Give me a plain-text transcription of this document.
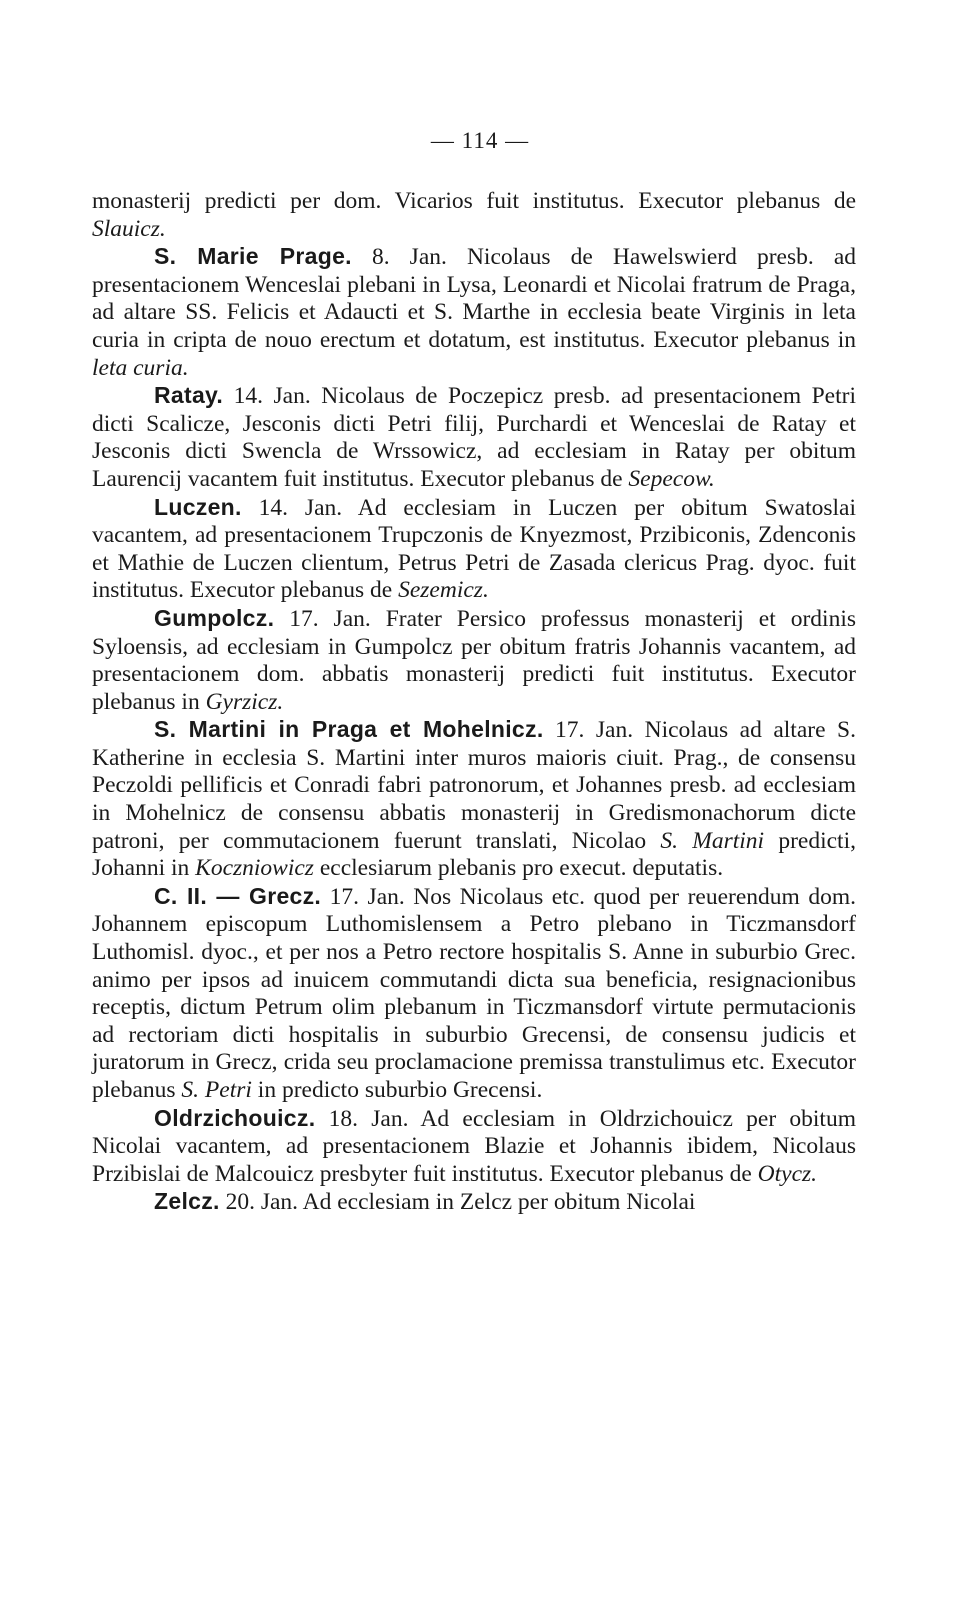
— 114 —

monasterij predicti per dom. Vicarios fuit institutus. Executor plebanus de Slauicz.

S. Marie Prage. 8. Jan. Nicolaus de Hawelswierd presb. ad presentacionem Wenceslai plebani in Lysa, Leonardi et Nicolai fratrum de Praga, ad altare SS. Felicis et Adaucti et S. Marthe in ecclesia beate Virginis in leta curia in cripta de nouo erectum et dotatum, est institutus. Executor plebanus in leta curia.

Ratay. 14. Jan. Nicolaus de Poczepicz presb. ad presentacionem Petri dicti Scalicze, Jesconis dicti Petri filij, Purchardi et Wenceslai de Ratay et Jesconis dicti Swencla de Wrssowicz, ad ecclesiam in Ratay per obitum Laurencij vacantem fuit institutus. Executor plebanus de Sepecow.

Luczen. 14. Jan. Ad ecclesiam in Luczen per obitum Swatoslai vacantem, ad presentacionem Trupczonis de Knyezmost, Przibiconis, Zdenconis et Mathie de Luczen clientum, Petrus Petri de Zasada clericus Prag. dyoc. fuit institutus. Executor plebanus de Sezemicz.

Gumpolcz. 17. Jan. Frater Persico professus monasterij et ordinis Syloensis, ad ecclesiam in Gumpolcz per obitum fratris Johannis vacantem, ad presentacionem dom. abbatis monasterij predicti fuit institutus. Executor plebanus in Gyrzicz.

S. Martini in Praga et Mohelnicz. 17. Jan. Nicolaus ad altare S. Katherine in ecclesia S. Martini inter muros maioris ciuit. Prag., de consensu Peczoldi pellificis et Conradi fabri patronorum, et Johannes presb. ad ecclesiam in Mohelnicz de consensu abbatis monasterij in Gredismonachorum dicte patroni, per commutacionem fuerunt translati, Nicolao S. Martini predicti, Johanni in Koczniowicz ecclesiarum plebanis pro execut. deputatis.

C. II. — Grecz. 17. Jan. Nos Nicolaus etc. quod per reuerendum dom. Johannem episcopum Luthomislensem a Petro plebano in Ticzmansdorf Luthomisl. dyoc., et per nos a Petro rectore hospitalis S. Anne in suburbio Grec. animo per ipsos ad inuicem commutandi dicta sua beneficia, resignacionibus receptis, dictum Petrum olim plebanum in Ticzmansdorf virtute permutacionis ad rectoriam dicti hospitalis in suburbio Grecensi, de consensu judicis et juratorum in Grecz, crida seu proclamacione premissa transtulimus etc. Executor plebanus S. Petri in predicto suburbio Grecensi.

Oldrzichouicz. 18. Jan. Ad ecclesiam in Oldrzichouicz per obitum Nicolai vacantem, ad presentacionem Blazie et Johannis ibidem, Nicolaus Przibislai de Malcouicz presbyter fuit institutus. Executor plebanus de Otycz.

Zelcz. 20. Jan. Ad ecclesiam in Zelcz per obitum Nicolai
